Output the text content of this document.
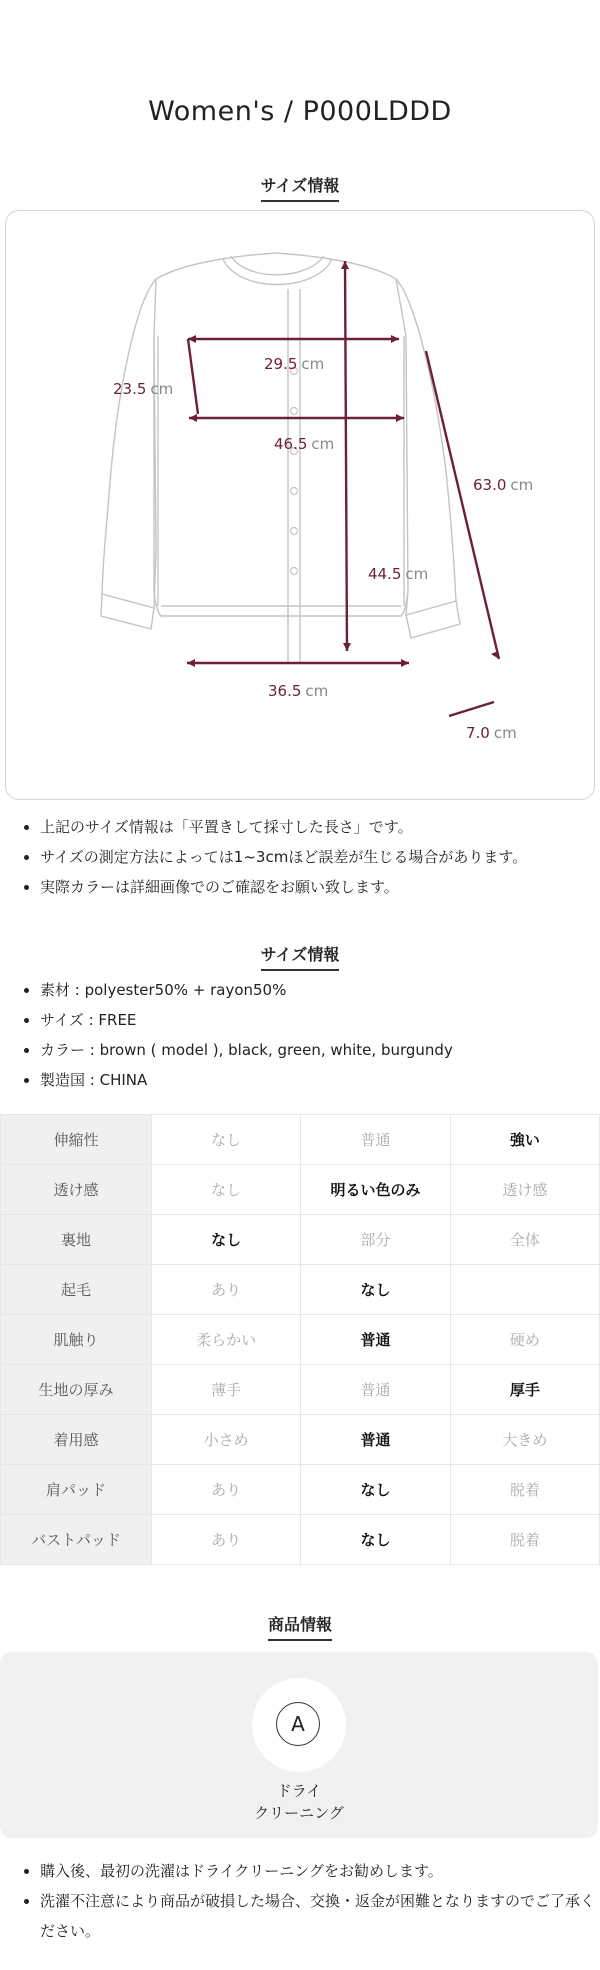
Women's / P000LDDD
サイズ情報
23.5 cm
29.5 cm
46.5 cm
63.0 cm
44.5 cm
36.5 cm
7.0 cm
• 上記のサイズ情報は「平置きして採寸した長さ」です。
• サイズの測定方法によっては1~3cmほど誤差が生じる場合があります。
• 実際カラーは詳細画像でのご確認をお願い致します。
サイズ情報
• 素材 : polyester50% + rayon50%
• サイズ : FREE
• カラー : brown ( model ), black, green, white, burgundy
• 製造国 : CHINA
伸縮性	なし	普通	強い
透け感	なし	明るい色のみ	透け感
裏地	なし	部分	全体
起毛	あり	なし	
肌触り	柔らかい	普通	硬め
生地の厚み	薄手	普通	厚手
着用感	小さめ	普通	大きめ
肩パッド	あり	なし	脱着
バストパッド	あり	なし	脱着
商品情報
A
ドライ
クリーニング
• 購入後、最初の洗濯はドライクリーニングをお勧めします。
• 洗濯不注意により商品が破損した場合、交換・返金が困難となりますのでご了承ください。
